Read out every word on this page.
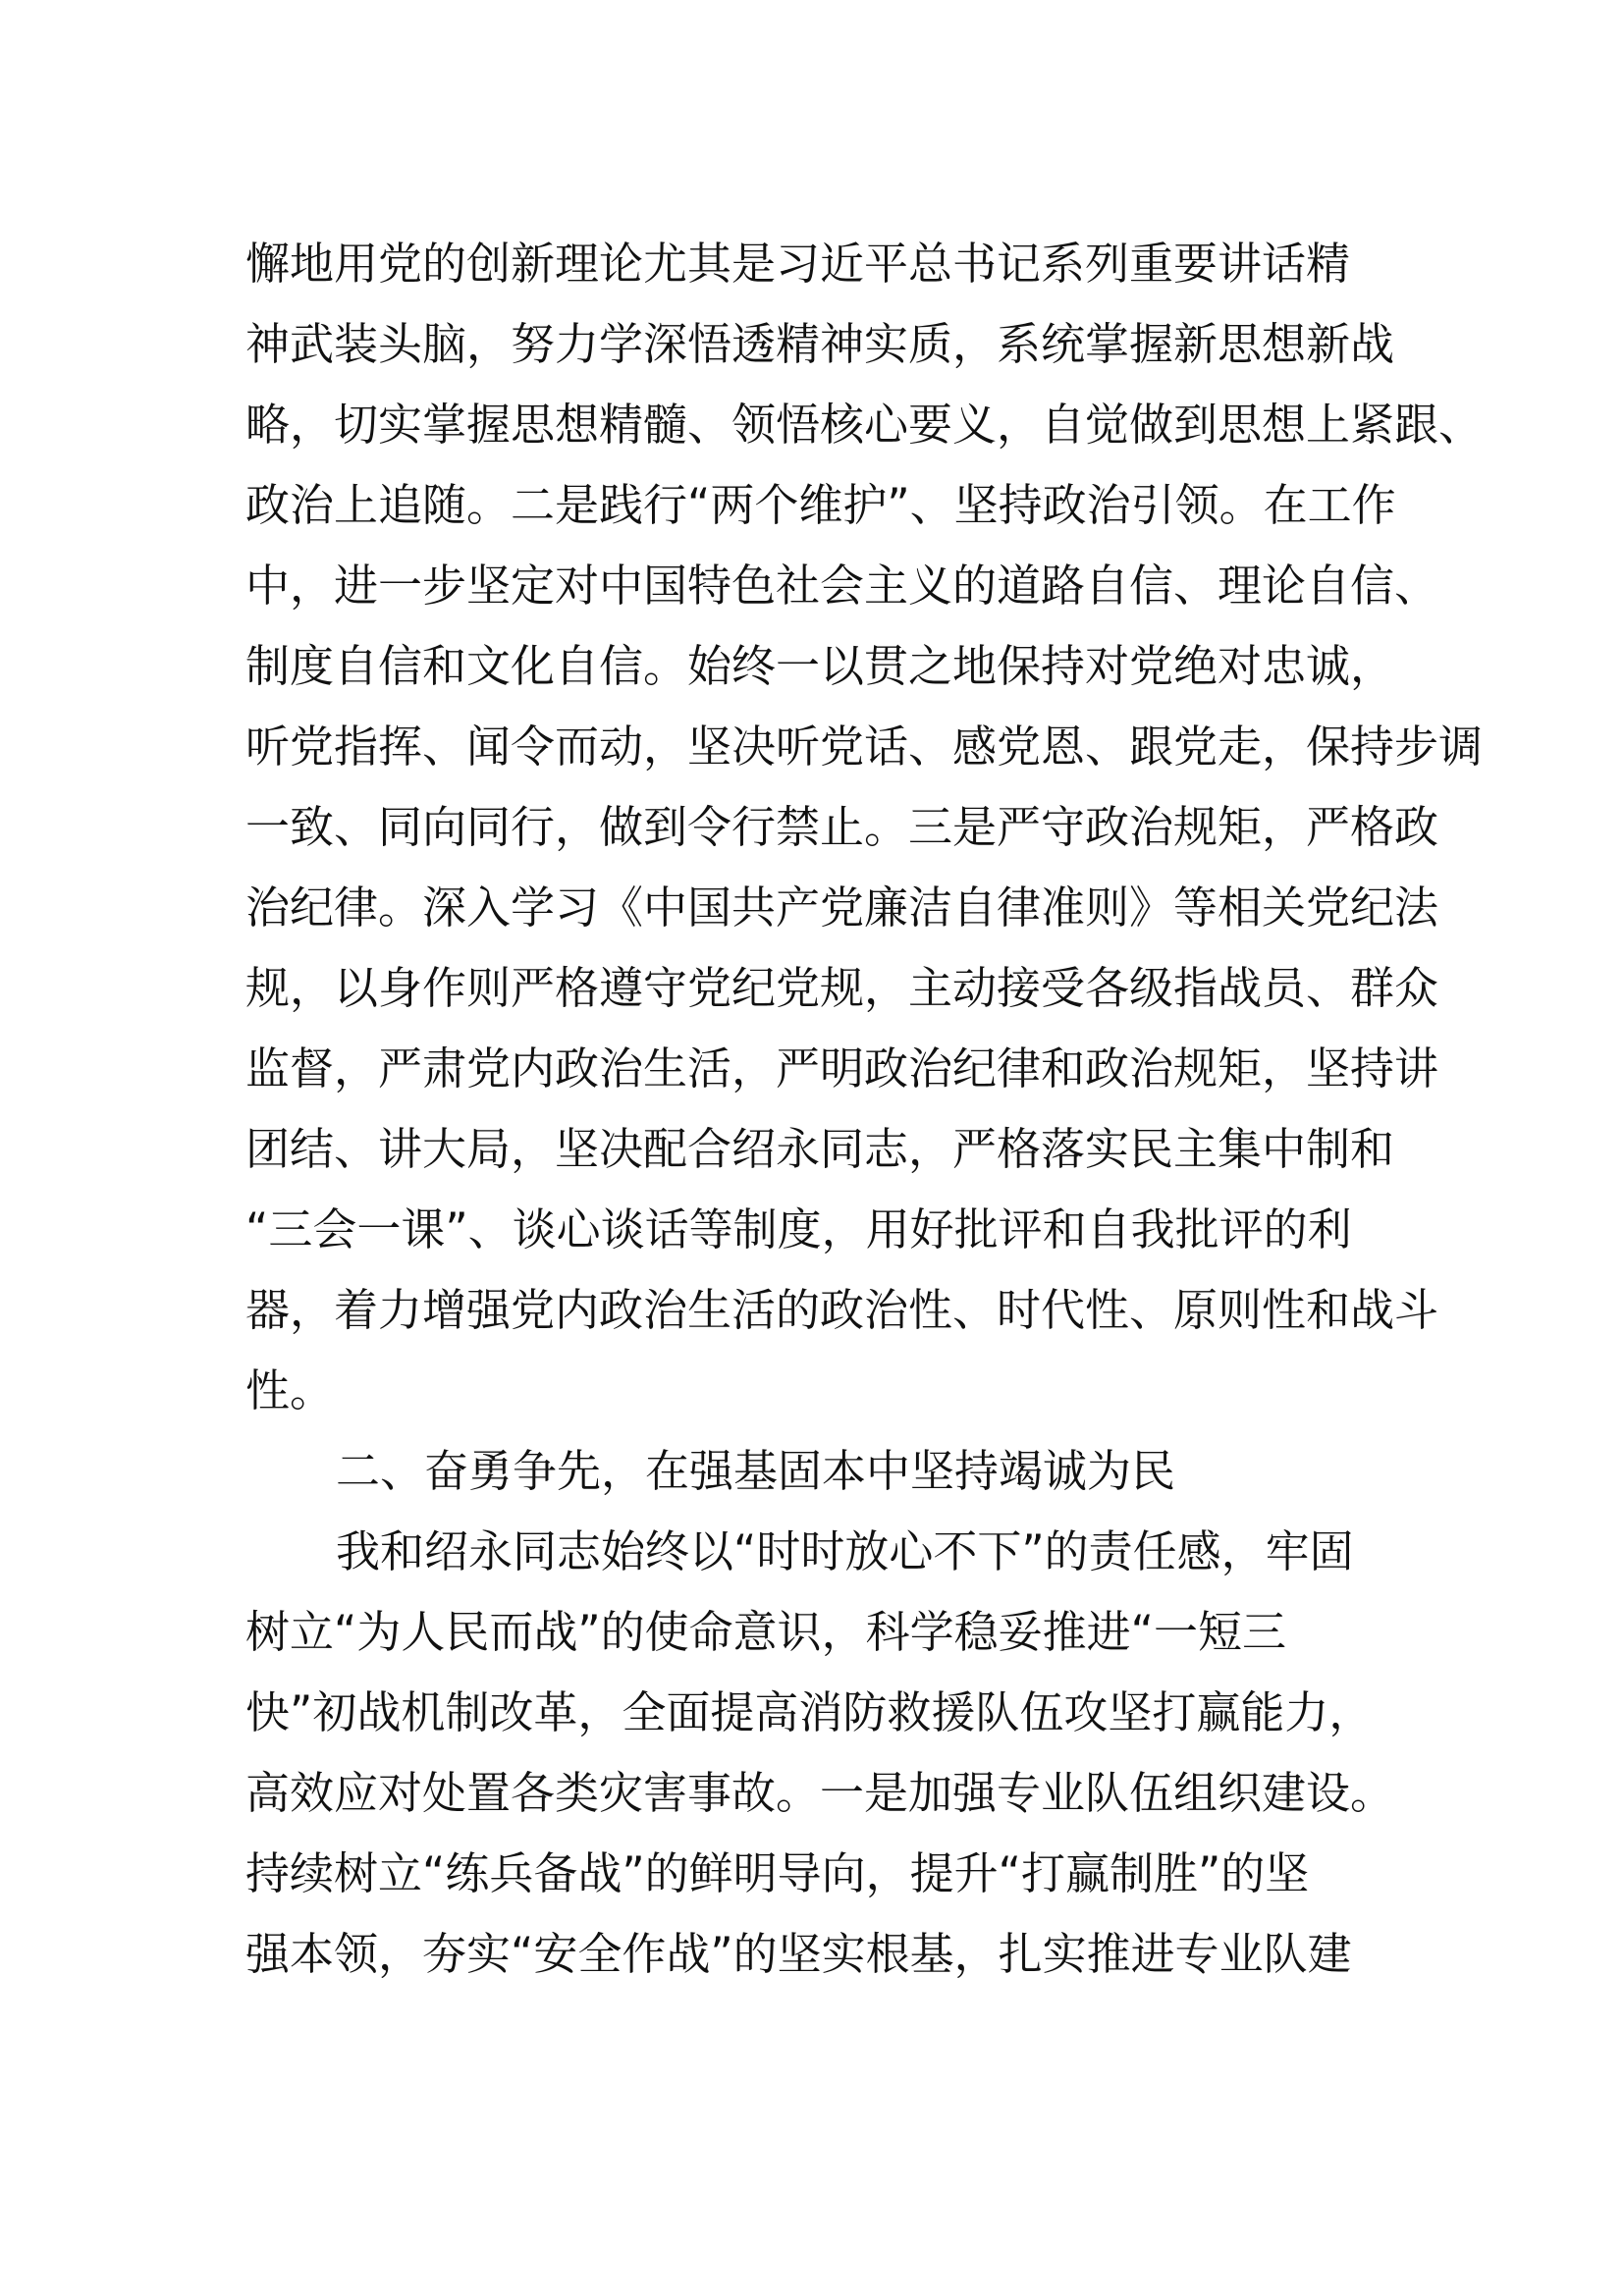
懈地用党的创新理论尤其是习近平总书记系列重要讲话精
神武装头脑，努力学深悟透精神实质，系统掌握新思想新战
略，切实掌握思想精髓、领悟核心要义，自觉做到思想上紧跟、
政治上追随。二是践行“两个维护”、坚持政治引领。在工作
中，进一步坚定对中国特色社会主义的道路自信、理论自信、
制度自信和文化自信。始终一以贯之地保持对党绝对忠诚，
听党指挥、闻令而动，坚决听党话、感党恩、跟党走，保持步调
一致、同向同行，做到令行禁止。三是严守政治规矩，严格政
治纪律。深入学习《中国共产党廉洁自律准则》等相关党纪法
规，以身作则严格遵守党纪党规，主动接受各级指战员、群众
监督，严肃党内政治生活，严明政治纪律和政治规矩，坚持讲
团结、讲大局，坚决配合绍永同志，严格落实民主集中制和
“三会一课”、谈心谈话等制度，用好批评和自我批评的利
器，着力增强党内政治生活的政治性、时代性、原则性和战斗
性。
二、奋勇争先，在强基固本中坚持竭诚为民
我和绍永同志始终以“时时放心不下”的责任感，牢固
树立“为人民而战”的使命意识，科学稳妥推进“一短三
快”初战机制改革，全面提高消防救援队伍攻坚打赢能力，
高效应对处置各类灾害事故。一是加强专业队伍组织建设。
持续树立“练兵备战”的鲜明导向，提升“打赢制胜”的坚
强本领，夯实“安全作战”的坚实根基，扎实推进专业队建
